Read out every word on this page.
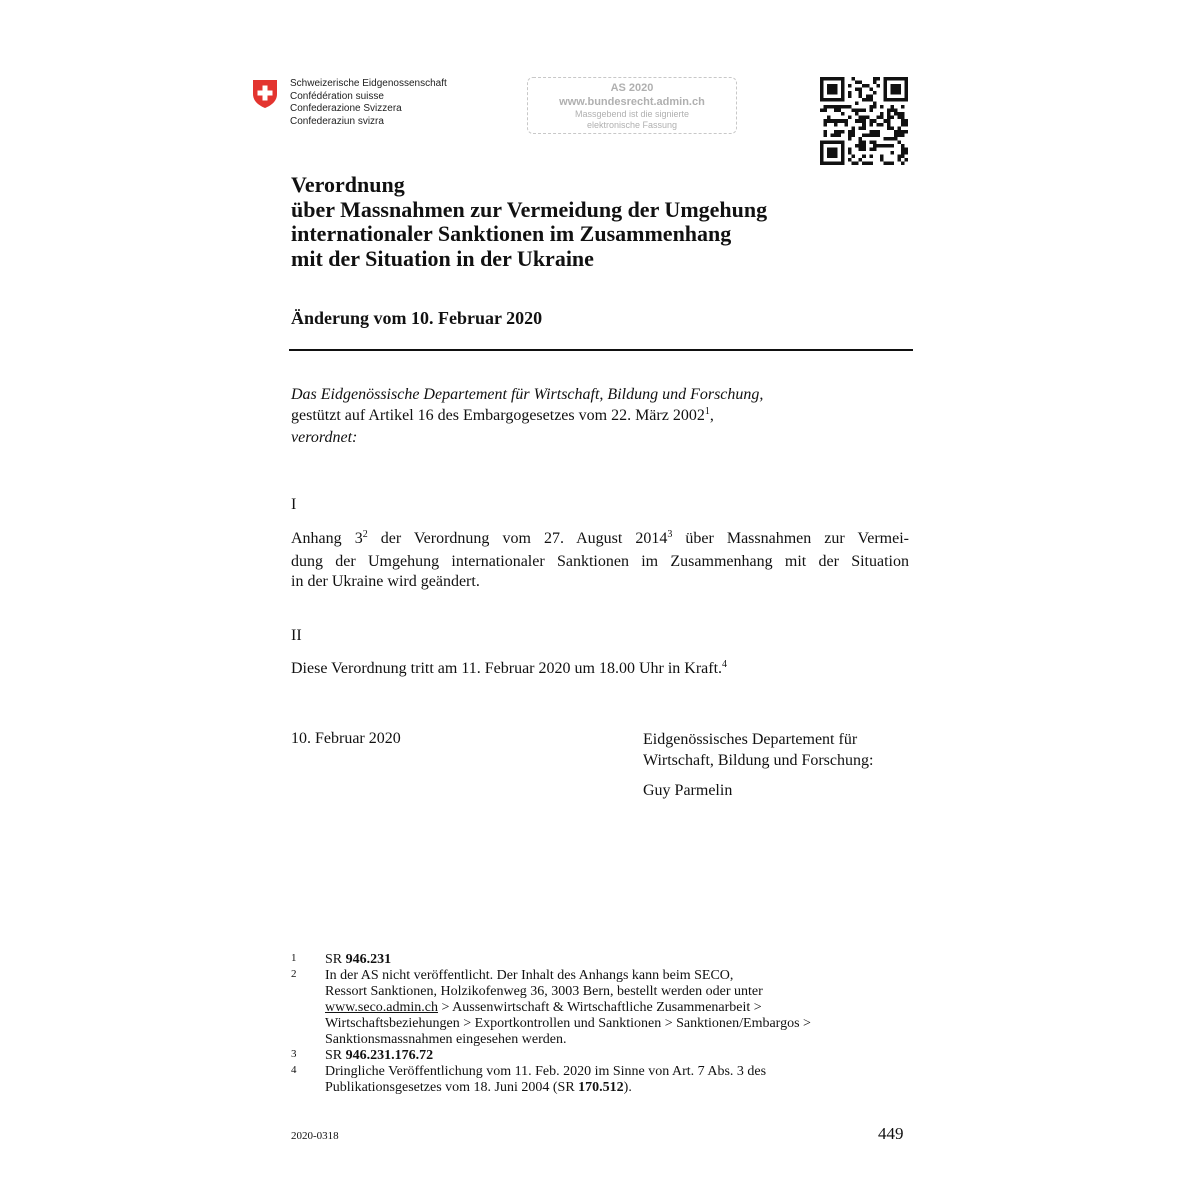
Schweizerische Eidgenossenschaft
Confédération suisse
Confederazione Svizzera
Confederaziun svizra
AS 2020
www.bundesrecht.admin.ch
Massgebend ist die signierte
elektronische Fassung
Verordnung
über Massnahmen zur Vermeidung der Umgehung
internationaler Sanktionen im Zusammenhang
mit der Situation in der Ukraine
Änderung vom 10. Februar 2020
Das Eidgenössische Departement für Wirtschaft, Bildung und Forschung,
gestützt auf Artikel 16 des Embargogesetzes vom 22. März 2002$^1$,
verordnet:
I
Anhang $3^2$ der Verordnung vom 27. August 2014$^3$ über Massnahmen zur Vermei-
dung der Umgehung internationaler Sanktionen im Zusammenhang mit der Situation
in der Ukraine wird geändert.
II
Diese Verordnung tritt am 11. Februar 2020 um 18.00 Uhr in Kraft.$^4$
10. Februar 2020	Eidgenössisches Departement für
Wirtschaft, Bildung und Forschung:
Guy Parmelin
1 SR 946.231
2 In der AS nicht veröffentlicht. Der Inhalt des Anhangs kann beim SECO,
Ressort Sanktionen, Holzikofenweg 36, 3003 Bern, bestellt werden oder unter
www.seco.admin.ch > Aussenwirtschaft & Wirtschaftliche Zusammenarbeit >
Wirtschaftsbeziehungen > Exportkontrollen und Sanktionen > Sanktionen/Embargos >
Sanktionsmassnahmen eingesehen werden.
3 SR 946.231.176.72
4 Dringliche Veröffentlichung vom 11. Feb. 2020 im Sinne von Art. 7 Abs. 3 des
Publikationsgesetzes vom 18. Juni 2004 (SR 170.512).
2020-0318	449
